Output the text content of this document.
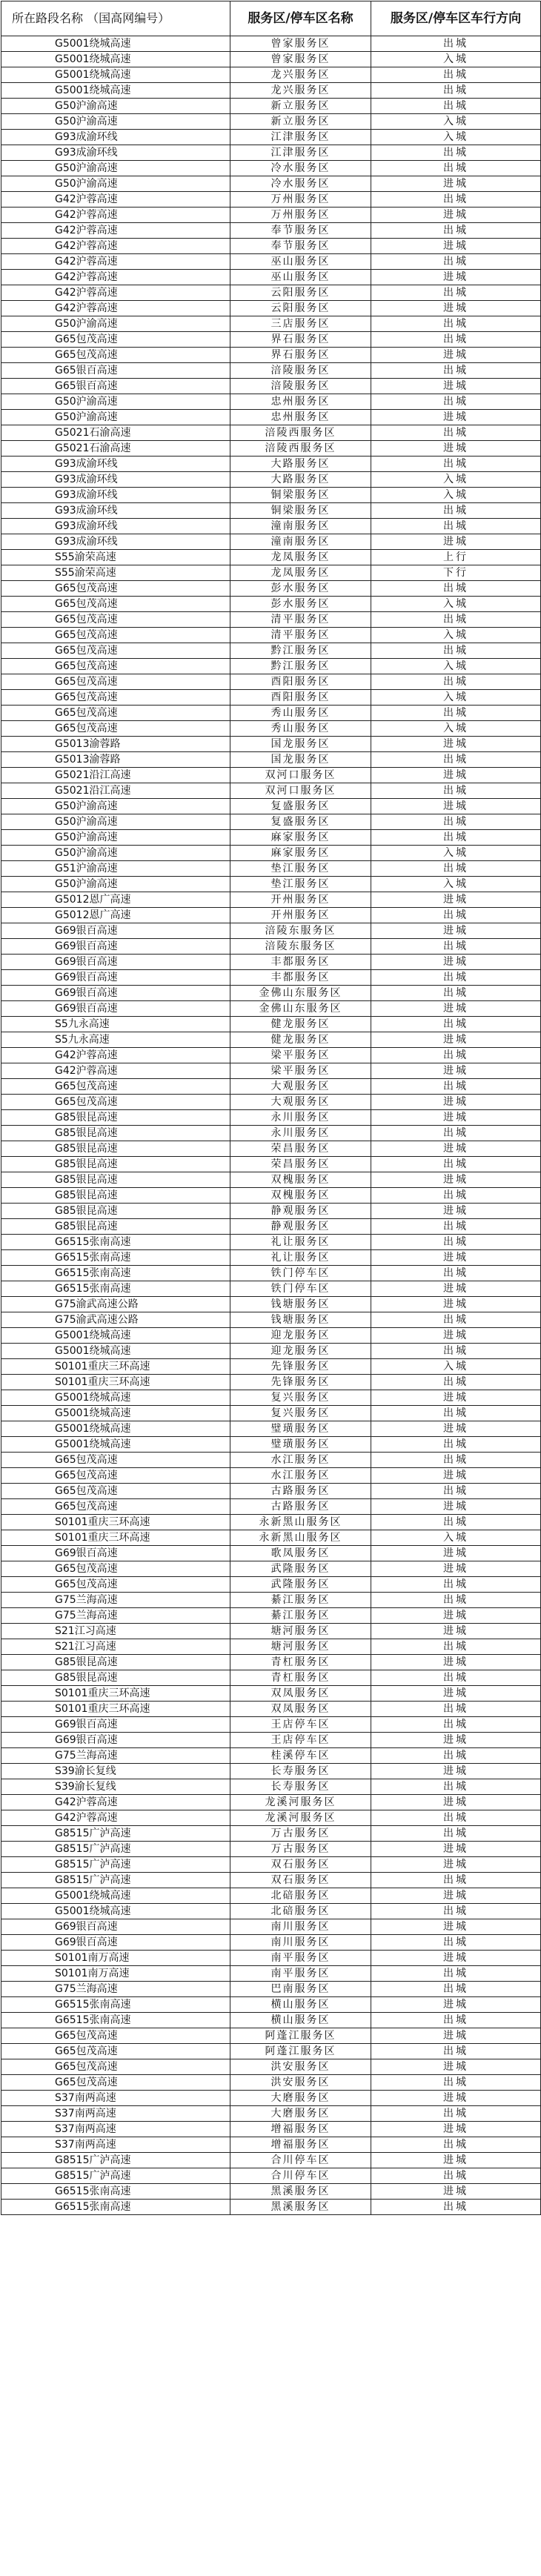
所在路段名称 （国高网编号）	服务区/停车区名称	服务区/停车区车行方向
G5001绕城高速	曾家服务区	出城
G5001绕城高速	曾家服务区	入城
G5001绕城高速	龙兴服务区	出城
G5001绕城高速	龙兴服务区	出城
G50沪渝高速	新立服务区	出城
G50沪渝高速	新立服务区	入城
G93成渝环线	江津服务区	入城
G93成渝环线	江津服务区	出城
G50沪渝高速	冷水服务区	出城
G50沪渝高速	冷水服务区	进城
G42沪蓉高速	万州服务区	出城
G42沪蓉高速	万州服务区	进城
G42沪蓉高速	奉节服务区	出城
G42沪蓉高速	奉节服务区	进城
G42沪蓉高速	巫山服务区	出城
G42沪蓉高速	巫山服务区	进城
G42沪蓉高速	云阳服务区	出城
G42沪蓉高速	云阳服务区	进城
G50沪渝高速	三店服务区	出城
G65包茂高速	界石服务区	出城
G65包茂高速	界石服务区	进城
G65银百高速	涪陵服务区	出城
G65银百高速	涪陵服务区	进城
G50沪渝高速	忠州服务区	出城
G50沪渝高速	忠州服务区	进城
G5021石渝高速	涪陵西服务区	出城
G5021石渝高速	涪陵西服务区	进城
G93成渝环线	大路服务区	出城
G93成渝环线	大路服务区	入城
G93成渝环线	铜梁服务区	入城
G93成渝环线	铜梁服务区	出城
G93成渝环线	潼南服务区	出城
G93成渝环线	潼南服务区	进城
S55渝荣高速	龙凤服务区	上行
S55渝荣高速	龙凤服务区	下行
G65包茂高速	彭水服务区	出城
G65包茂高速	彭水服务区	入城
G65包茂高速	清平服务区	出城
G65包茂高速	清平服务区	入城
G65包茂高速	黔江服务区	出城
G65包茂高速	黔江服务区	入城
G65包茂高速	酉阳服务区	出城
G65包茂高速	酉阳服务区	入城
G65包茂高速	秀山服务区	出城
G65包茂高速	秀山服务区	入城
G5013渝蓉路	国龙服务区	进城
G5013渝蓉路	国龙服务区	出城
G5021沿江高速	双河口服务区	进城
G5021沿江高速	双河口服务区	出城
G50沪渝高速	复盛服务区	进城
G50沪渝高速	复盛服务区	出城
G50沪渝高速	麻家服务区	出城
G50沪渝高速	麻家服务区	入城
G51沪渝高速	垫江服务区	出城
G50沪渝高速	垫江服务区	入城
G5012恩广高速	开州服务区	进城
G5012恩广高速	开州服务区	出城
G69银百高速	涪陵东服务区	进城
G69银百高速	涪陵东服务区	出城
G69银百高速	丰都服务区	进城
G69银百高速	丰都服务区	出城
G69银百高速	金佛山东服务区	出城
G69银百高速	金佛山东服务区	进城
S5九永高速	健龙服务区	出城
S5九永高速	健龙服务区	进城
G42沪蓉高速	梁平服务区	出城
G42沪蓉高速	梁平服务区	进城
G65包茂高速	大观服务区	出城
G65包茂高速	大观服务区	进城
G85银昆高速	永川服务区	进城
G85银昆高速	永川服务区	出城
G85银昆高速	荣昌服务区	进城
G85银昆高速	荣昌服务区	出城
G85银昆高速	双槐服务区	进城
G85银昆高速	双槐服务区	出城
G85银昆高速	静观服务区	进城
G85银昆高速	静观服务区	出城
G6515张南高速	礼让服务区	出城
G6515张南高速	礼让服务区	进城
G6515张南高速	铁门停车区	出城
G6515张南高速	铁门停车区	进城
G75渝武高速公路	钱塘服务区	进城
G75渝武高速公路	钱塘服务区	出城
G5001绕城高速	迎龙服务区	进城
G5001绕城高速	迎龙服务区	出城
S0101重庆三环高速	先锋服务区	入城
S0101重庆三环高速	先锋服务区	出城
G5001绕城高速	复兴服务区	进城
G5001绕城高速	复兴服务区	出城
G5001绕城高速	璧璜服务区	进城
G5001绕城高速	璧璜服务区	出城
G65包茂高速	水江服务区	出城
G65包茂高速	水江服务区	进城
G65包茂高速	古路服务区	出城
G65包茂高速	古路服务区	进城
S0101重庆三环高速	永新黑山服务区	出城
S0101重庆三环高速	永新黑山服务区	入城
G69银百高速	歌凤服务区	进城
G65包茂高速	武隆服务区	进城
G65包茂高速	武隆服务区	出城
G75兰海高速	綦江服务区	出城
G75兰海高速	綦江服务区	进城
S21江习高速	塘河服务区	进城
S21江习高速	塘河服务区	出城
G85银昆高速	青杠服务区	进城
G85银昆高速	青杠服务区	出城
S0101重庆三环高速	双凤服务区	进城
S0101重庆三环高速	双凤服务区	出城
G69银百高速	王店停车区	出城
G69银百高速	王店停车区	进城
G75兰海高速	桂溪停车区	出城
S39渝长复线	长寿服务区	进城
S39渝长复线	长寿服务区	出城
G42沪蓉高速	龙溪河服务区	进城
G42沪蓉高速	龙溪河服务区	出城
G8515广泸高速	万古服务区	出城
G8515广泸高速	万古服务区	进城
G8515广泸高速	双石服务区	进城
G8515广泸高速	双石服务区	出城
G5001绕城高速	北碚服务区	进城
G5001绕城高速	北碚服务区	出城
G69银百高速	南川服务区	进城
G69银百高速	南川服务区	出城
S0101南万高速	南平服务区	进城
S0101南万高速	南平服务区	出城
G75兰海高速	巴南服务区	出城
G6515张南高速	横山服务区	进城
G6515张南高速	横山服务区	出城
G65包茂高速	阿蓬江服务区	进城
G65包茂高速	阿蓬江服务区	出城
G65包茂高速	洪安服务区	进城
G65包茂高速	洪安服务区	出城
S37南两高速	大磨服务区	进城
S37南两高速	大磨服务区	出城
S37南两高速	增福服务区	进城
S37南两高速	增福服务区	出城
G8515广泸高速	合川停车区	进城
G8515广泸高速	合川停车区	出城
G6515张南高速	黑溪服务区	进城
G6515张南高速	黑溪服务区	出城
